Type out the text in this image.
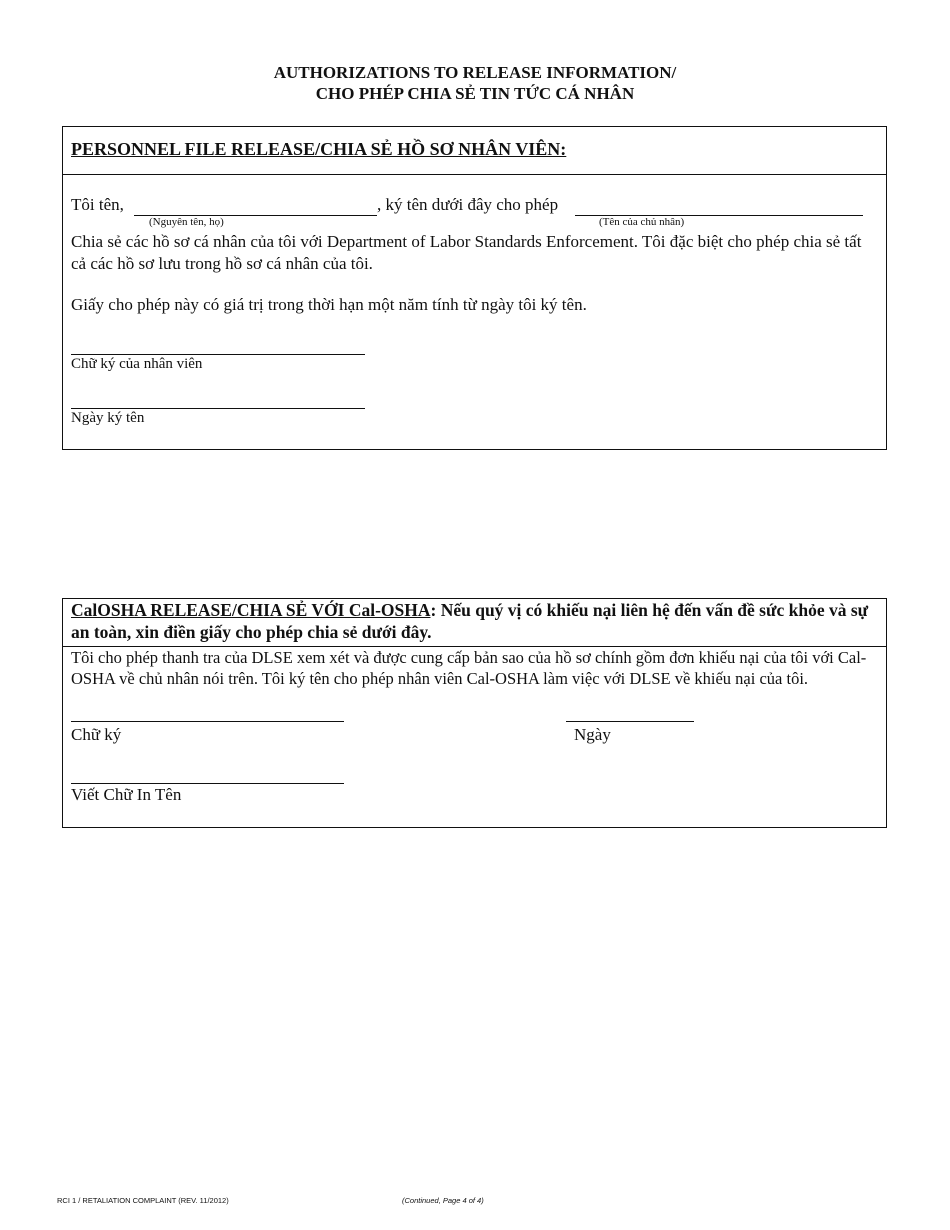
AUTHORIZATIONS TO RELEASE INFORMATION/
CHO PHÉP CHIA SẺ TIN TỨC CÁ NHÂN
PERSONNEL FILE RELEASE/CHIA SẺ HỒ SƠ NHÂN VIÊN:
Tôi tên,	, ký tên dưới đây cho phép
(Nguyên tên, họ)	(Tên của chủ nhân)
Chia sẻ các hồ sơ cá nhân của tôi với Department of Labor Standards Enforcement. Tôi đặc biệt cho phép chia sẻ tất cả các hồ sơ lưu trong hồ sơ cá nhân của tôi.
Giấy cho phép này có giá trị trong thời hạn một năm tính từ ngày tôi ký tên.
Chữ ký của nhân viên
Ngày ký tên
CalOSHA RELEASE/CHIA SẺ VỚI Cal-OSHA: Nếu quý vị có khiếu nại liên hệ đến vấn đề sức khỏe và sự an toàn, xin điền giấy cho phép chia sẻ dưới đây.
Tôi cho phép thanh tra của DLSE xem xét và được cung cấp bản sao của hồ sơ chính gồm đơn khiếu nại của tôi với Cal-OSHA về chủ nhân nói trên. Tôi ký tên cho phép nhân viên Cal-OSHA làm việc với DLSE về khiếu nại của tôi.
Chữ ký	Ngày
Viết Chữ In Tên
RCI 1 / RETALIATION COMPLAINT (REV. 11/2012)	(Continued, Page 4 of 4)
